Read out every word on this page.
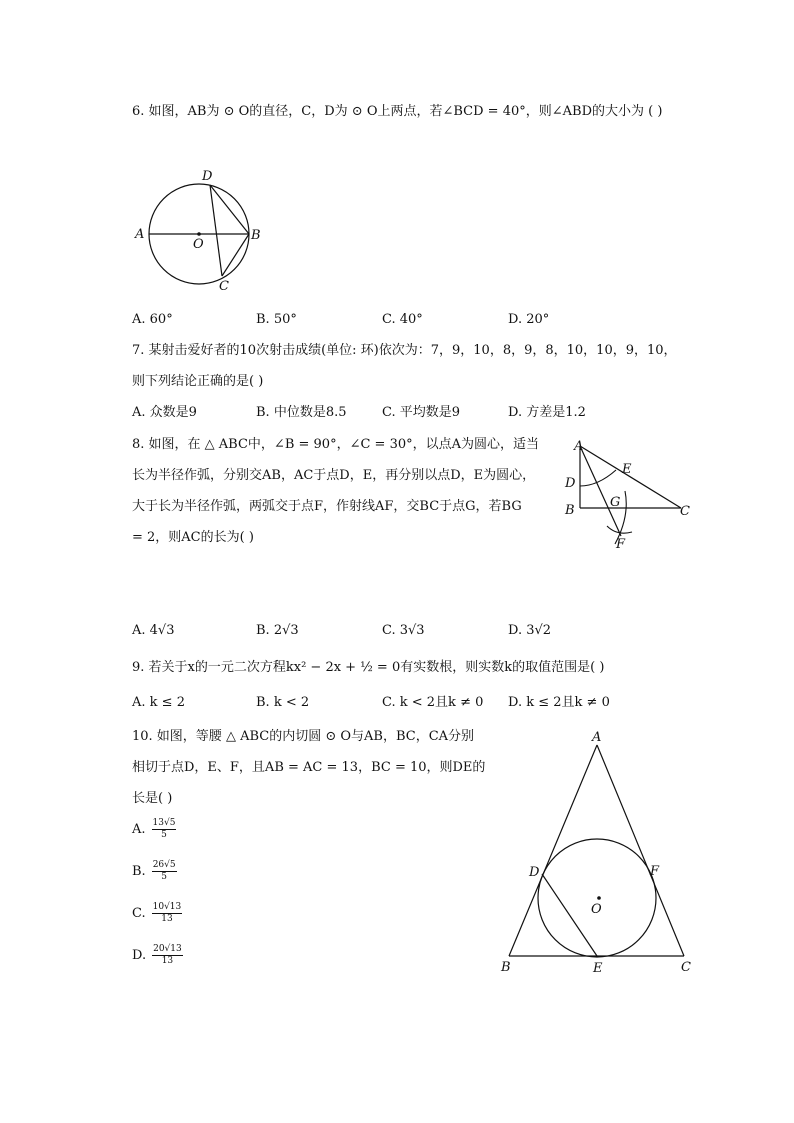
6. 如图，AB为 ⊙ O的直径，C，D为 ⊙ O上两点，若∠BCD = 40°，则∠ABD的大小为 ( )
A	B
C
D
O
A. 60°	B. 50°	C. 40°	D. 20°
7. 某射击爱好者的10次射击成绩(单位: 环)依次为：7，9，10，8，9，8，10，10，9，10，
则下列结论正确的是( )
A. 众数是9	B. 中位数是8.5	C. 平均数是9	D. 方差是1.2
8. 如图，在 △ ABC中，∠B = 90°，∠C = 30°，以点A为圆心，适当
长为半径作弧，分别交AB，AC于点D，E，再分别以点D，E为圆心，
大于长为半径作弧，两弧交于点F，作射线AF，交BC于点G，若BG
= 2，则AC的长为( )
A
B	C
D
E
G
F
A. 4√3	B. 2√3	C. 3√3	D. 3√2
9. 若关于x的一元二次方程kx² − 2x + ½ = 0有实数根，则实数k的取值范围是( )
A. k ≤ 2	B. k < 2	C. k < 2且k ≠ 0 D. k ≤ 2且k ≠ 0
10. 如图，等腰 △ ABC的内切圆 ⊙ O与AB，BC，CA分别
相切于点D，E、F，且AB = AC = 13，BC = 10，则DE的
长是( )
A. $\frac{13√5}{5}$
B. $\frac{26√5}{5}$
C. $\frac{10√13}{13}$
D. $\frac{20√13}{13}$
A
B	C
D
E
F
O
